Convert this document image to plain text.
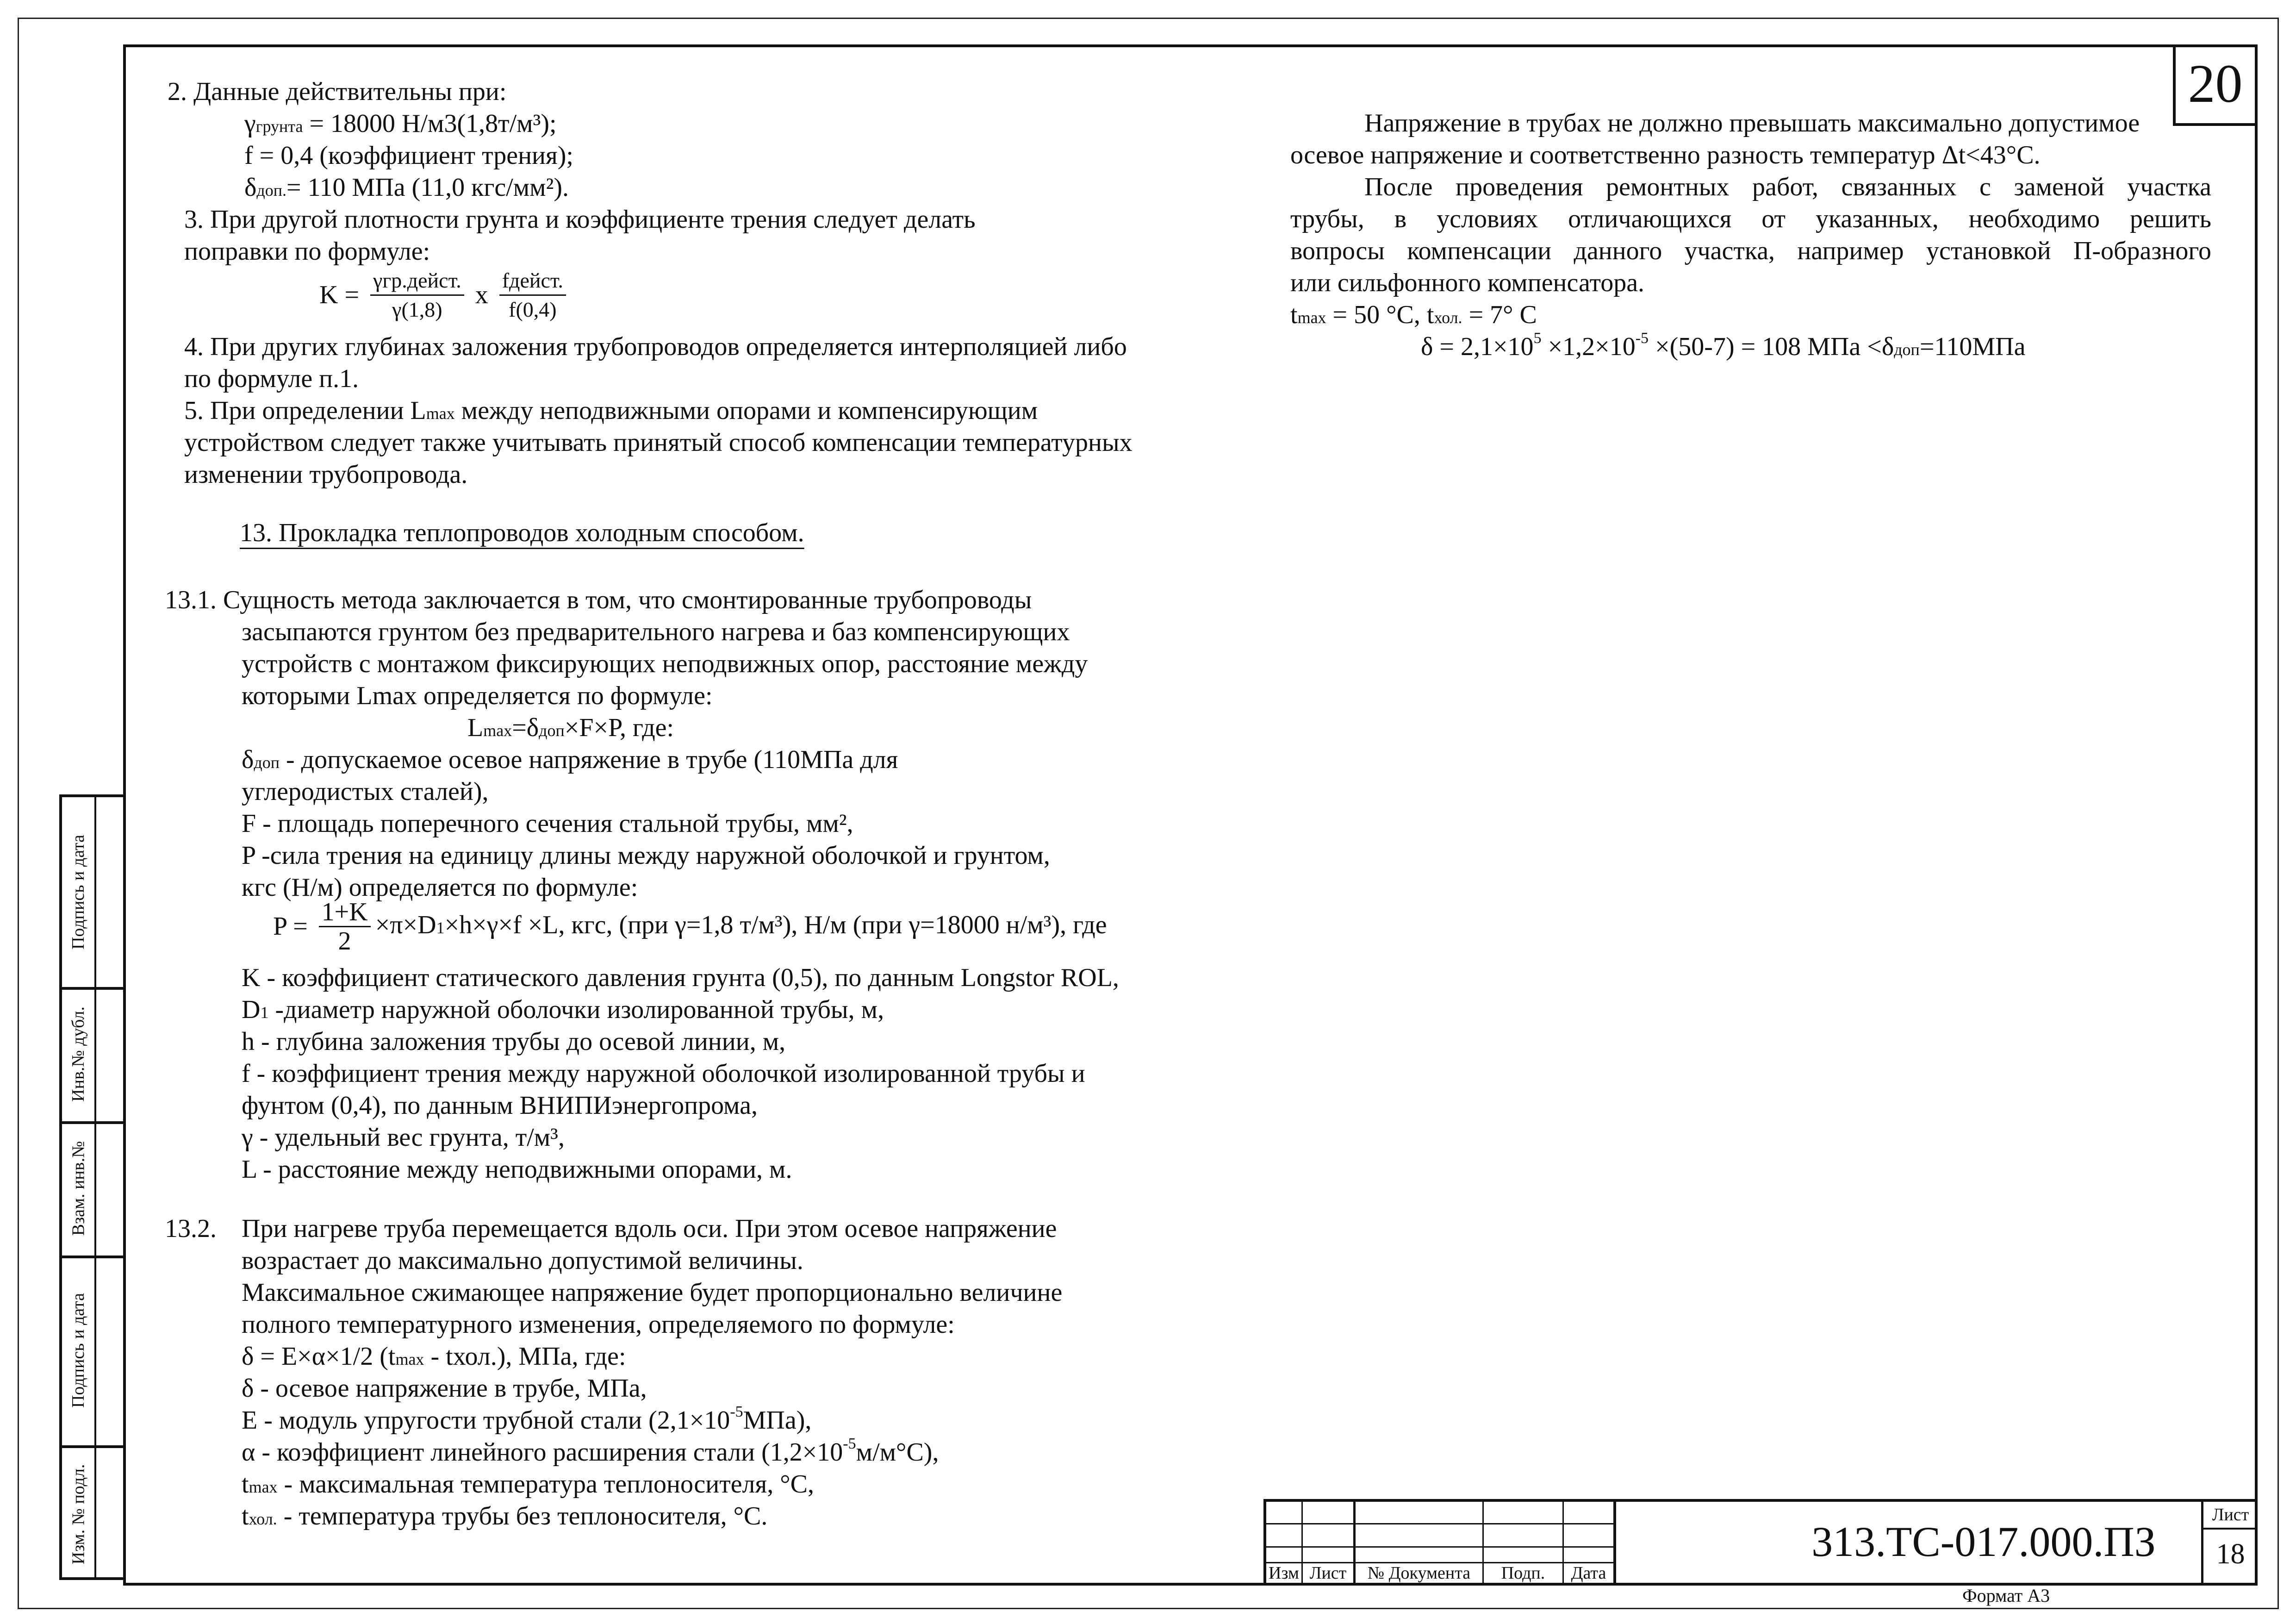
20
2. Данные действительны при:
γгрунта = 18000 Н/м3(1,8т/м³);
f = 0,4 (коэффициент трения);
δдоп.= 110 МПа (11,0 кгс/мм²).
3. При другой плотности грунта и коэффициенте трения следует делать
поправки по формуле:
$K = \frac{\text{γгр.дейст.}}{\gamma(1,8)}$ x $\frac{\text{fдейст.}}{f(0,4)}$
4. При других глубинах заложения трубопроводов определяется интерполяцией либо
по формуле п.1.
5. При определении Lmax между неподвижными опорами и компенсирующим
устройством следует также учитывать принятый способ компенсации температурных
изменении трубопровода.
13. Прокладка теплопроводов холодным способом.
13.1. Сущность метода заключается в том, что смонтированные трубопроводы
засыпаются грунтом без предварительного нагрева и баз компенсирующих
устройств с монтажом фиксирующих неподвижных опор, расстояние между
которыми Lmax определяется по формуле:
Lmax=δдоп×F×P, где:
δдоп - допускаемое осевое напряжение в трубе (110МПа для
углеродистых сталей),
F - площадь поперечного сечения стальной трубы, мм²,
P -сила трения на единицу длины между наружной оболочкой и грунтом,
кгс (Н/м) определяется по формуле:
$P = \frac{1+K}{2} \times\pi\times D1\times h\times\gamma\times f \times L$, кгс, (при γ=1,8 т/м³), Н/м (при γ=18000 н/м³), где
K - коэффициент статического давления грунта (0,5), по данным Longstor ROL,
D1 -диаметр наружной оболочки изолированной трубы, м,
h - глубина заложения трубы до осевой линии, м,
f - коэффициент трения между наружной оболочкой изолированной трубы и
фунтом (0,4), по данным ВНИПИэнергопрома,
γ - удельный вес грунта, т/м³,
L - расстояние между неподвижными опорами, м.
13.2. При нагреве труба перемещается вдоль оси. При этом осевое напряжение
возрастает до максимально допустимой величины.
Максимальное сжимающее напряжение будет пропорционально величине
полного температурного изменения, определяемого по формуле:
δ = E×α×1/2 (tmax - tхол.), МПа, где:
δ - осевое напряжение в трубе, МПа,
E - модуль упругости трубной стали $(2,1\times 10^{-5}МПа)$,
α - коэффициент линейного расширения стали $(1,2\times 10^{-5}м/м^\circ С)$,
tmax - максимальная температура теплоносителя, °С,
tхол. - температура трубы без теплоносителя, °С.
Напряжение в трубах не должно превышать максимально допустимое
осевое напряжение и соответственно разность температур Δt<43°С.
После проведения ремонтных работ, связанных с заменой участка
трубы, в условиях отличающихся от указанных, необходимо решить
вопросы компенсации данного участка, например установкой П-образного
или сильфонного компенсатора.
tmax = 50 °С, tхол. = 7° С
$\delta = 2,1\times 10^5 \times 1,2\times 10^{-5} \times(50-7) = 108$ МПа <δдоп=110МПа
Подпись и дата
Инв.№ дубл.
Взам. инв.№
Подпись и дата
Изм. № подл.
Изм Лист	№ Документа	Подп.	Дата
313.ТС-017.000.ПЗ
Лист
18
Формат А3
